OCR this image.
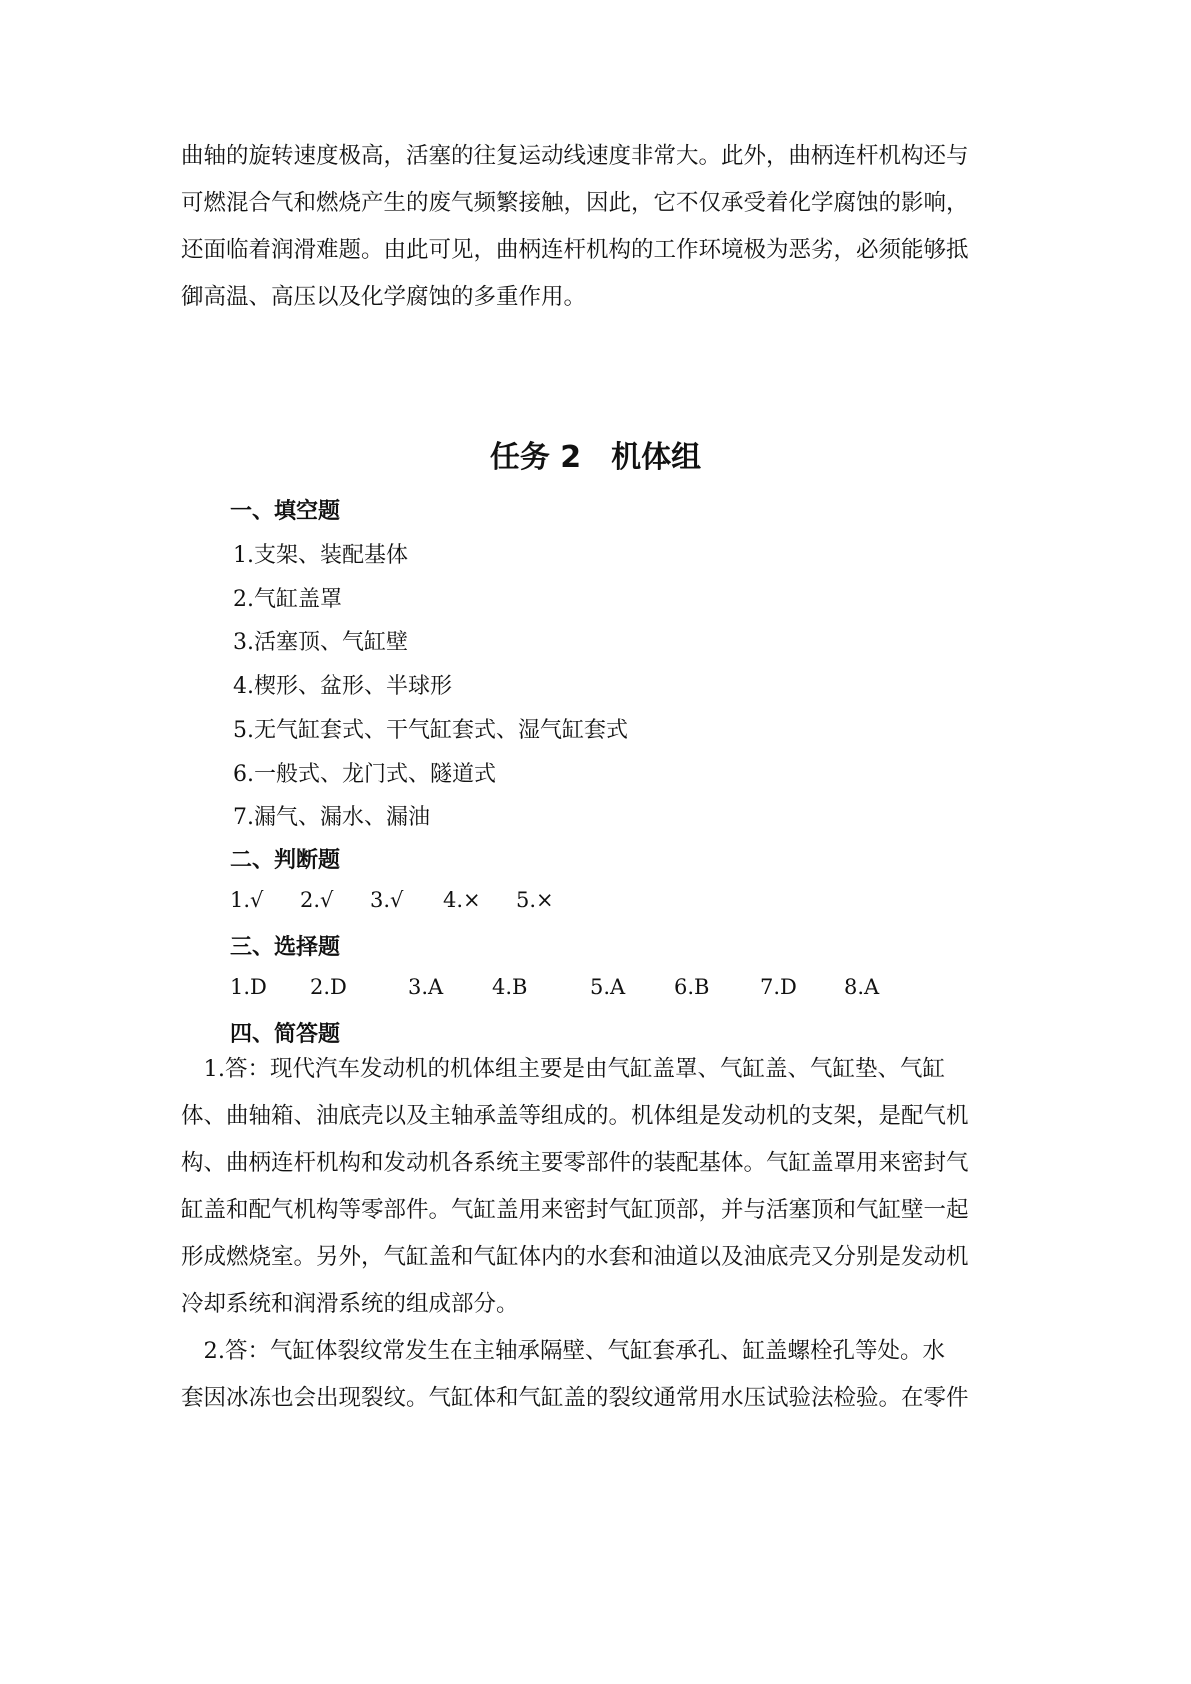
曲轴的旋转速度极高，活塞的往复运动线速度非常大。此外，曲柄连杆机构还与
可燃混合气和燃烧产生的废气频繁接触，因此，它不仅承受着化学腐蚀的影响，
还面临着润滑难题。由此可见，曲柄连杆机构的工作环境极为恶劣，必须能够抵
御高温、高压以及化学腐蚀的多重作用。
任务 2　机体组
一、填空题
1.支架、装配基体
2.气缸盖罩
3.活塞顶、气缸壁
4.楔形、盆形、半球形
5.无气缸套式、干气缸套式、湿气缸套式
6.一般式、龙门式、隧道式
7.漏气、漏水、漏油
二、判断题

1.√

2.√

3.√

4.×

5.×

三、选择题

1.D

2.D

	3.A

4.B

	5.A

6.B

7.D

8.A

四、简答题
　1.答：现代汽车发动机的机体组主要是由气缸盖罩、气缸盖、气缸垫、气缸
体、曲轴箱、油底壳以及主轴承盖等组成的。机体组是发动机的支架，是配气机
构、曲柄连杆机构和发动机各系统主要零部件的装配基体。气缸盖罩用来密封气
缸盖和配气机构等零部件。气缸盖用来密封气缸顶部，并与活塞顶和气缸壁一起
形成燃烧室。另外，气缸盖和气缸体内的水套和油道以及油底壳又分别是发动机
冷却系统和润滑系统的组成部分。
　2.答：气缸体裂纹常发生在主轴承隔壁、气缸套承孔、缸盖螺栓孔等处。水
套因冰冻也会出现裂纹。气缸体和气缸盖的裂纹通常用水压试验法检验。在零件
